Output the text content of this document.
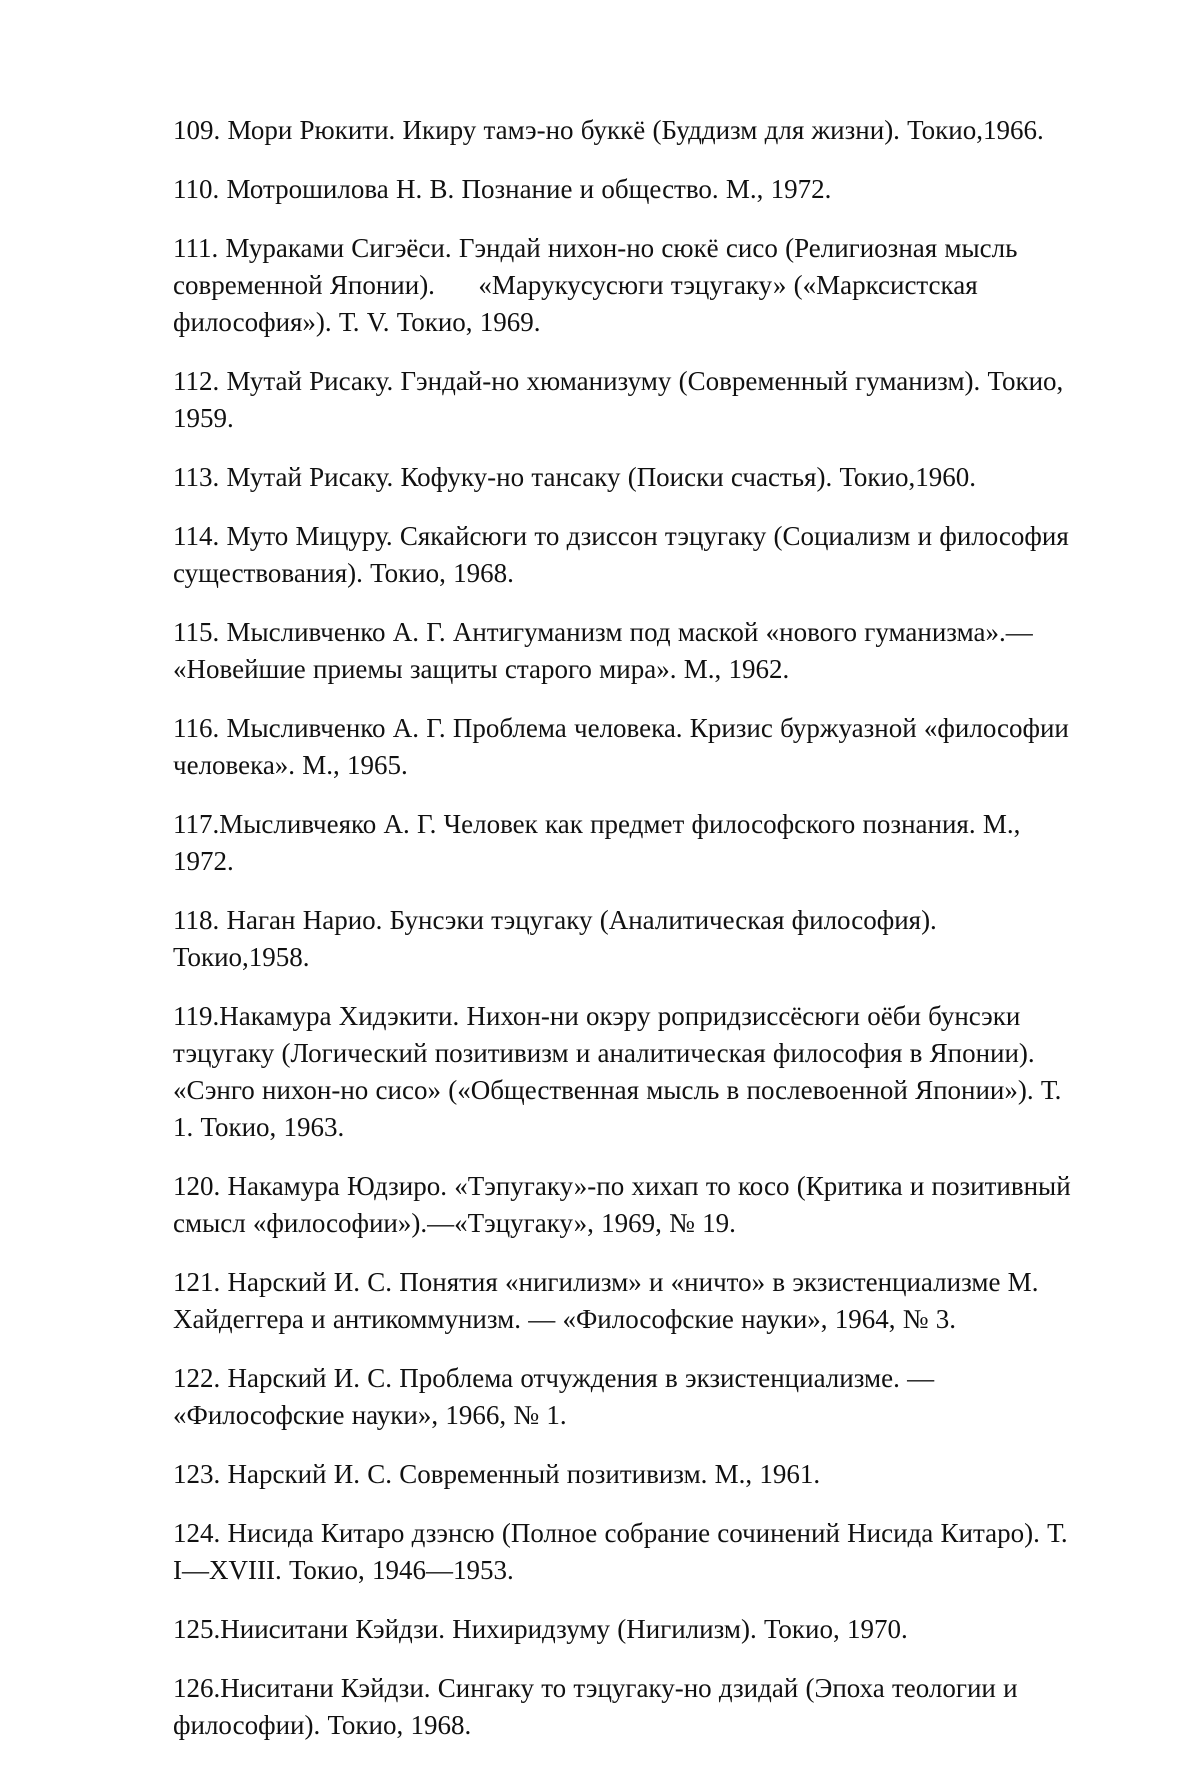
109. Мори Рюкити. Икиру тамэ-но буккё (Буддизм для жизни). Токио,1966.
110. Мотрошилова Н. В. Познание и общество. М., 1972.
111. Мураками Сигэёси. Гэндай нихон-но сюкё сисо (Религиозная мысль
современной Японии).      «Марукусусюги тэцугаку» («Марксистская
философия»). Т. V. Токио, 1969.
112. Мутай Рисаку. Гэндай-но хюманизуму (Современный гуманизм). Токио,
1959.
113. Мутай Рисаку. Кофуку-но тансаку (Поиски счастья). Токио,1960.
114. Муто Мицуру. Сякайсюги то дзиссон тэцугаку (Социализм и философия
существования). Токио, 1968.
115. Мысливченко А. Г. Антигуманизм под маской «нового гуманизма».—
«Новейшие приемы защиты старого мира». М., 1962.
116. Мысливченко А. Г. Проблема человека. Кризис буржуазной «философии
человека». М., 1965.
117.Мысливчеяко А. Г. Человек как предмет философского познания. М.,
1972.
118. Наган Нарио. Бунсэки тэцугаку (Аналитическая философия).
Токио,1958.
119.Накамура Хидэкити. Нихон-ни окэру ропридзиссёсюги оёби бунсэки
тэцугаку (Логический позитивизм и аналитическая философия в Японии).
«Сэнго нихон-но сисо» («Общественная мысль в послевоенной Японии»). Т.
1. Токио, 1963.
120. Накамура Юдзиро. «Тэпугаку»-по хихап то косо (Критика и позитивный
смысл «философии»).—«Тэцугаку», 1969, № 19.
121. Нарский И. С. Понятия «нигилизм» и «ничто» в экзистенциализме М.
Хайдеггера и антикоммунизм. — «Философские науки», 1964, № 3.
122. Нарский И. С. Проблема отчуждения в экзистенциализме. —
«Философские науки», 1966, № 1.
123. Нарский И. С. Современный позитивизм. М., 1961.
124. Нисида Китаро дзэнсю (Полное собрание сочинений Нисида Китаро). Т.
I—XVIII. Токио, 1946—1953.
125.Нииситани Кэйдзи. Нихиридзуму (Нигилизм). Токио, 1970.
126.Ниситани Кэйдзи. Сингаку то тэцугаку-но дзидай (Эпоха теологии и
философии). Токио, 1968.
